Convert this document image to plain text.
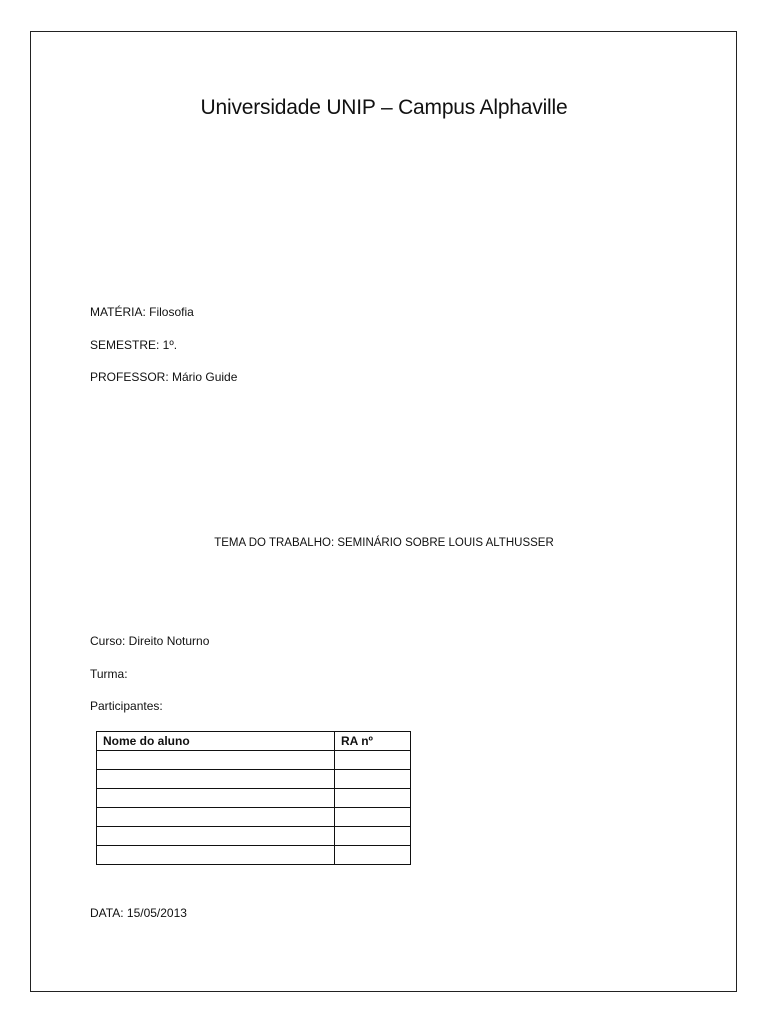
Universidade UNIP – Campus Alphaville
MATÉRIA: Filosofia
SEMESTRE: 1º.
PROFESSOR: Mário Guide
TEMA DO TRABALHO: SEMINÁRIO SOBRE LOUIS ALTHUSSER
Curso: Direito Noturno
Turma:
Participantes:
Nome do aluno	RA nº

DATA: 15/05/2013
